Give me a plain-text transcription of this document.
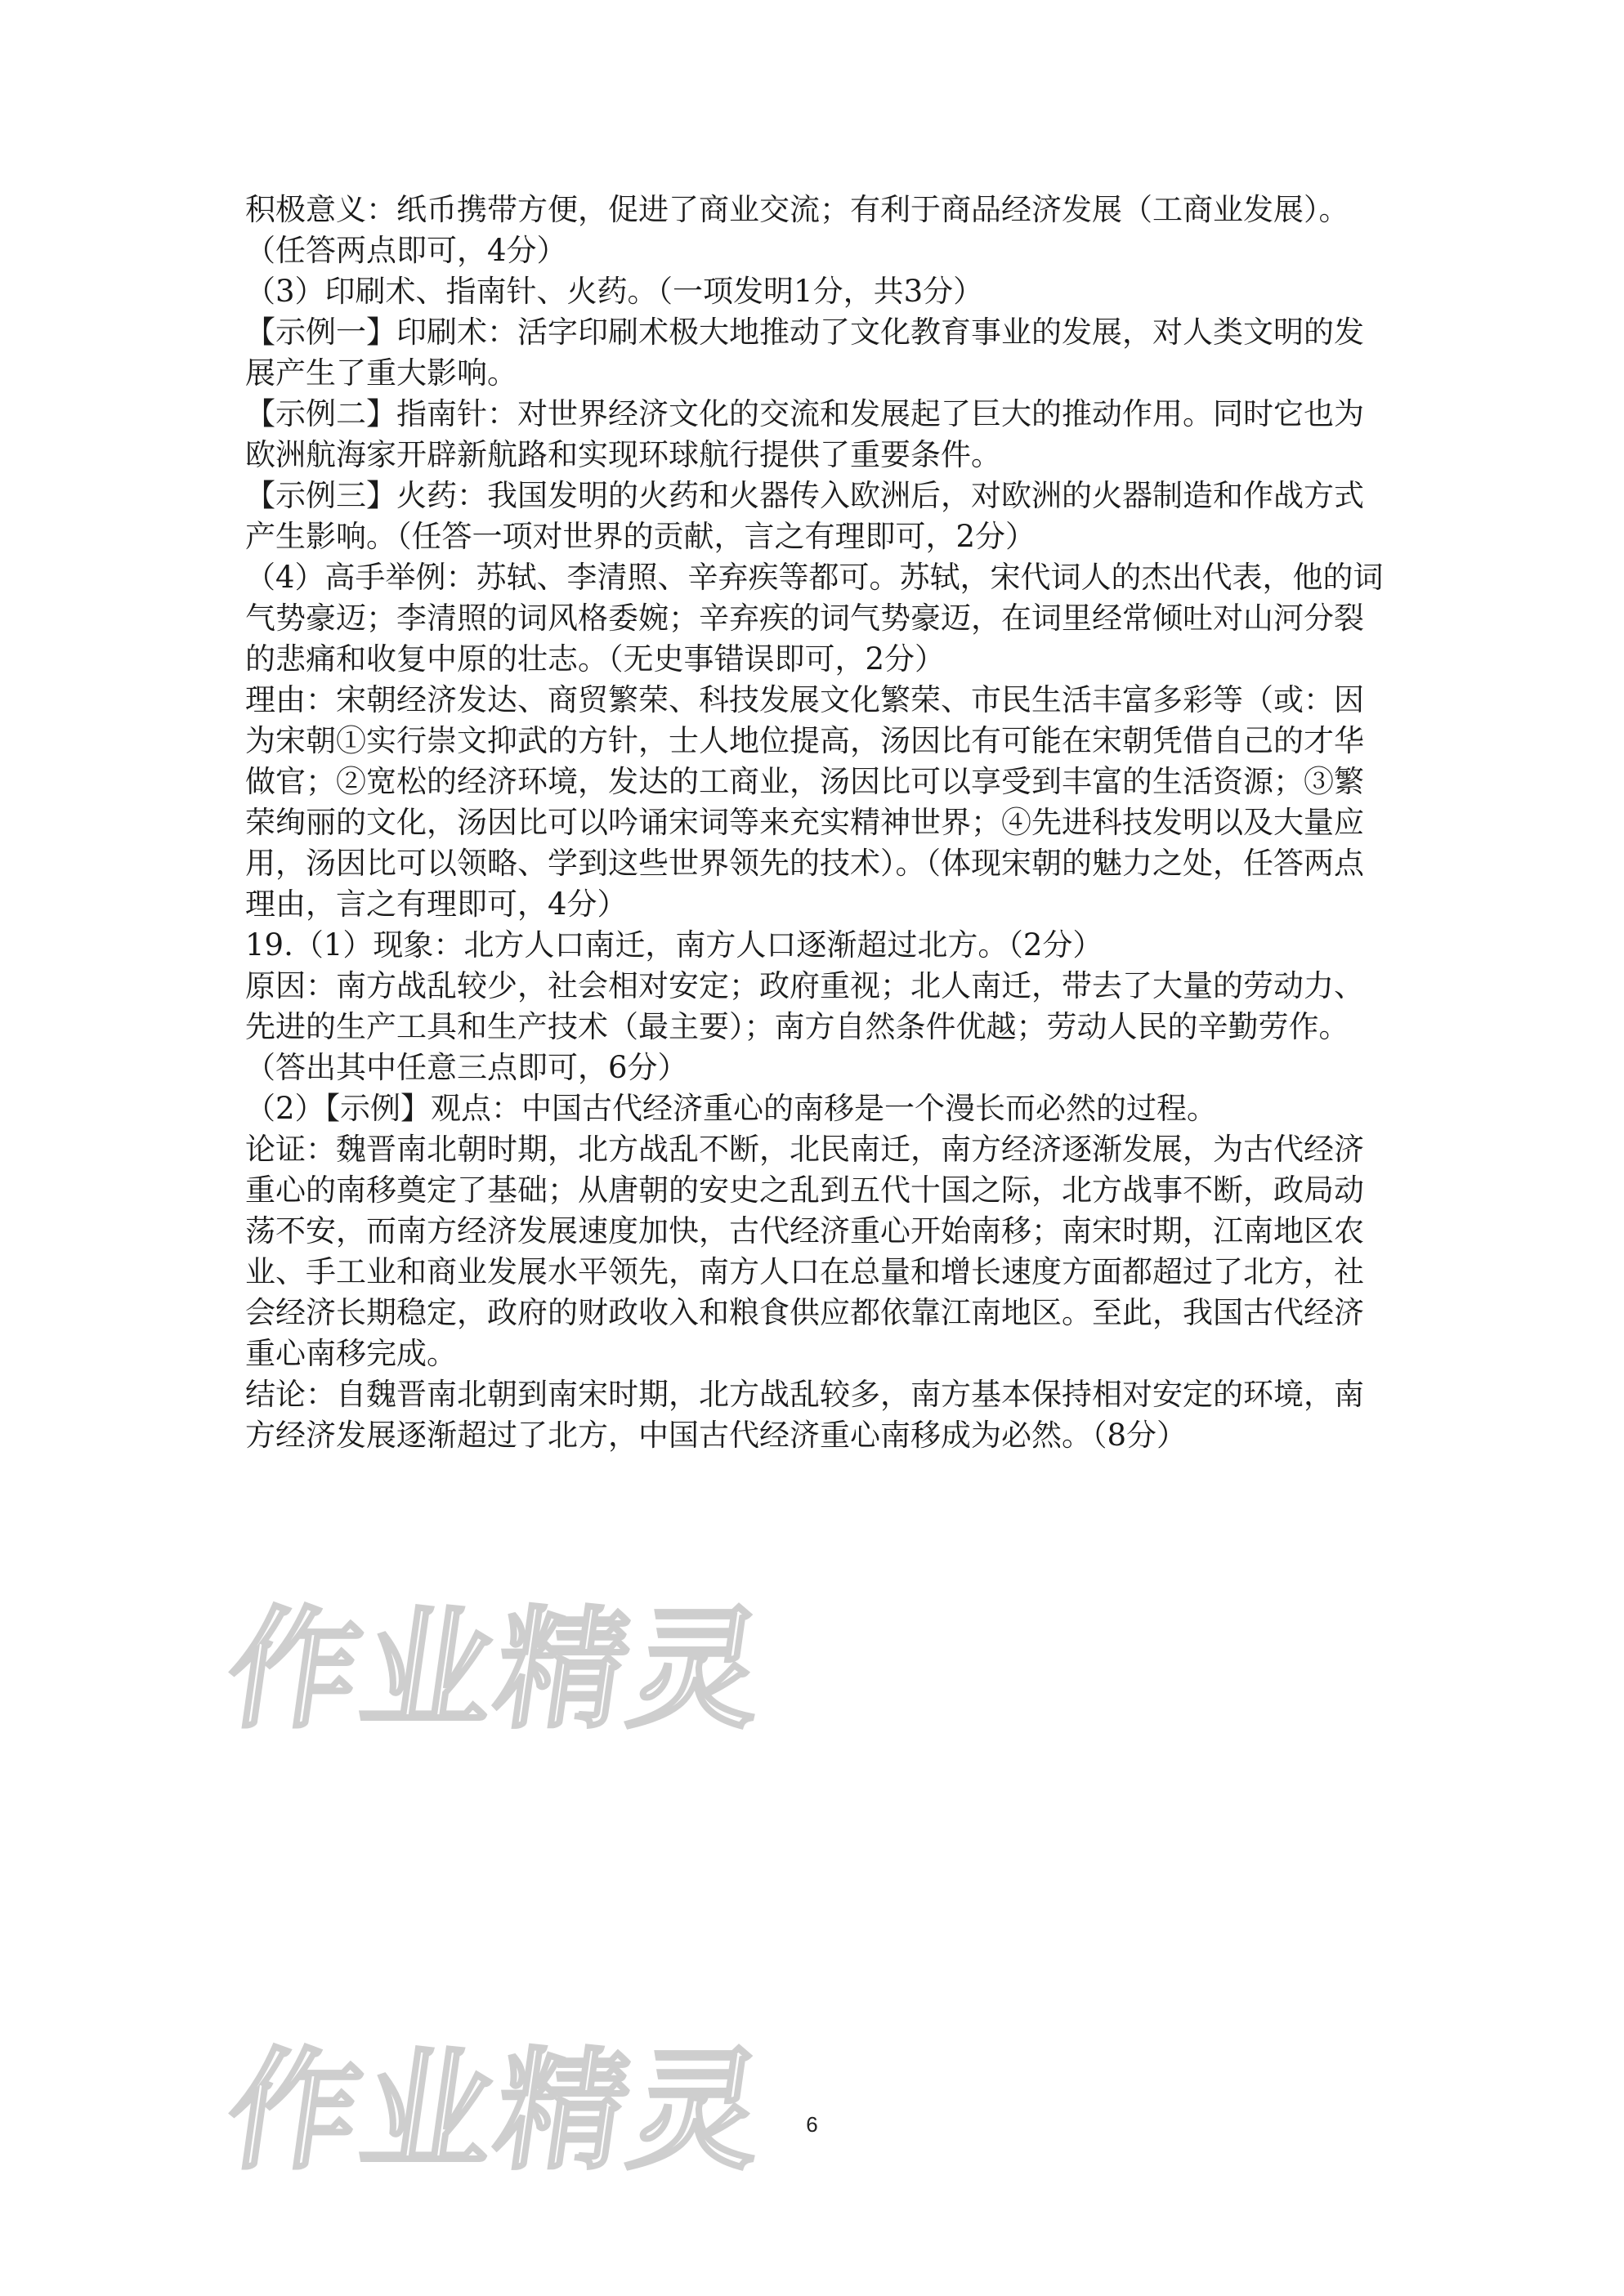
积极意义：纸币携带方便，促进了商业交流；有利于商品经济发展（工商业发展）。（任答两点即可，4分）

（3）印刷术、指南针、火药。（一项发明1分，共3分）

【示例一】印刷术：活字印刷术极大地推动了文化教育事业的发展，对人类文明的发展产生了重大影响。

【示例二】指南针：对世界经济文化的交流和发展起了巨大的推动作用。同时它也为欧洲航海家开辟新航路和实现环球航行提供了重要条件。

【示例三】火药：我国发明的火药和火器传入欧洲后，对欧洲的火器制造和作战方式产生影响。（任答一项对世界的贡献，言之有理即可，2分）

（4）高手举例：苏轼、李清照、辛弃疾等都可。苏轼，宋代词人的杰出代表，他的词气势豪迈；李清照的词风格委婉；辛弃疾的词气势豪迈，在词里经常倾吐对山河分裂的悲痛和收复中原的壮志。（无史事错误即可，2分）

理由：宋朝经济发达、商贸繁荣、科技发展文化繁荣、市民生活丰富多彩等（或：因为宋朝①实行崇文抑武的方针，士人地位提高，汤因比有可能在宋朝凭借自己的才华做官；②宽松的经济环境，发达的工商业，汤因比可以享受到丰富的生活资源；③繁荣绚丽的文化，汤因比可以吟诵宋词等来充实精神世界；④先进科技发明以及大量应用，汤因比可以领略、学到这些世界领先的技术）。（体现宋朝的魅力之处，任答两点理由，言之有理即可，4分）

19.（1）现象：北方人口南迁，南方人口逐渐超过北方。（2分）

原因：南方战乱较少，社会相对安定；政府重视；北人南迁，带去了大量的劳动力、先进的生产工具和生产技术（最主要）；南方自然条件优越；劳动人民的辛勤劳作。（答出其中任意三点即可，6分）

（2）【示例】观点：中国古代经济重心的南移是一个漫长而必然的过程。

论证：魏晋南北朝时期，北方战乱不断，北民南迁，南方经济逐渐发展，为古代经济重心的南移奠定了基础；从唐朝的安史之乱到五代十国之际，北方战事不断，政局动荡不安，而南方经济发展速度加快，古代经济重心开始南移；南宋时期，江南地区农业、手工业和商业发展水平领先，南方人口在总量和增长速度方面都超过了北方，社会经济长期稳定，政府的财政收入和粮食供应都依靠江南地区。至此，我国古代经济重心南移完成。

结论：自魏晋南北朝到南宋时期，北方战乱较多，南方基本保持相对安定的环境，南方经济发展逐渐超过了北方，中国古代经济重心南移成为必然。（8分）

作业精灵
作业精灵	6
